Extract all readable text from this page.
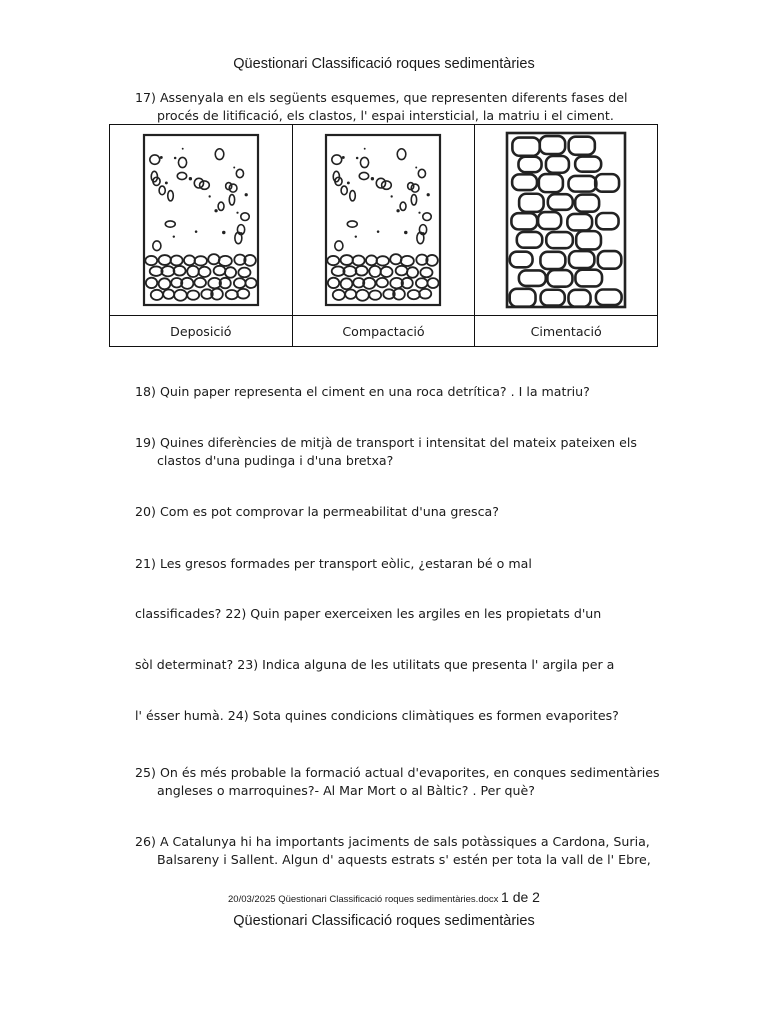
Qüestionari Classificació roques sedimentàries
17) Assenyala en els següents esquemes, que representen diferents fases del
procés de litificació, els clastos, l' espai intersticial, la matriu i el ciment.

Deposició	Compactació	Cimentació
18) Quin paper representa el ciment en una roca detrítica? . I la matriu?
19) Quines diferències de mitjà de transport i intensitat del mateix pateixen els
clastos d'una pudinga i d'una bretxa?
20) Com es pot comprovar la permeabilitat d'una gresca?
21) Les gresos formades per transport eòlic, ¿estaran bé o mal
classificades? 22) Quin paper exerceixen les argiles en les propietats d'un
sòl determinat? 23) Indica alguna de les utilitats que presenta l' argila per a
l' ésser humà. 24) Sota quines condicions climàtiques es formen evaporites?
25) On és més probable la formació actual d'evaporites, en conques sedimentàries
angleses o marroquines?- Al Mar Mort o al Bàltic? . Per què?
26) A Catalunya hi ha importants jaciments de sals potàssiques a Cardona, Suria,
Balsareny i Sallent. Algun d' aquests estrats s' estén per tota la vall de l' Ebre,
20/03/2025 Qüestionari Classificació roques sedimentàries.docx 1 de 2
Qüestionari Classificació roques sedimentàries
